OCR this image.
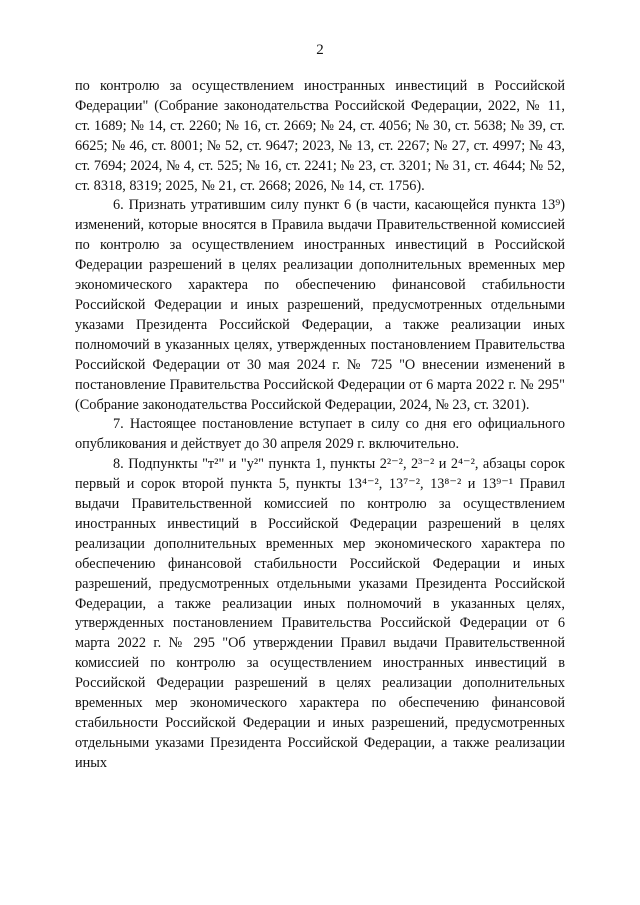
2

по контролю за осуществлением иностранных инвестиций в Российской Федерации" (Собрание законодательства Российской Федерации, 2022, № 11, ст. 1689; № 14, ст. 2260; № 16, ст. 2669; № 24, ст. 4056; № 30, ст. 5638; № 39, ст. 6625; № 46, ст. 8001; № 52, ст. 9647; 2023, № 13, ст. 2267; № 27, ст. 4997; № 43, ст. 7694; 2024, № 4, ст. 525; № 16, ст. 2241; № 23, ст. 3201; № 31, ст. 4644; № 52, ст. 8318, 8319; 2025, № 21, ст. 2668; 2026, № 14, ст. 1756).

6. Признать утратившим силу пункт 6 (в части, касающейся пункта 13⁹) изменений, которые вносятся в Правила выдачи Правительственной комиссией по контролю за осуществлением иностранных инвестиций в Российской Федерации разрешений в целях реализации дополнительных временных мер экономического характера по обеспечению финансовой стабильности Российской Федерации и иных разрешений, предусмотренных отдельными указами Президента Российской Федерации, а также реализации иных полномочий в указанных целях, утвержденных постановлением Правительства Российской Федерации от 30 мая 2024 г. № 725 "О внесении изменений в постановление Правительства Российской Федерации от 6 марта 2022 г. № 295" (Собрание законодательства Российской Федерации, 2024, № 23, ст. 3201).

7. Настоящее постановление вступает в силу со дня его официального опубликования и действует до 30 апреля 2029 г. включительно.

8. Подпункты "т²" и "у²" пункта 1, пункты 2²⁻², 2³⁻² и 2⁴⁻², абзацы сорок первый и сорок второй пункта 5, пункты 13⁴⁻², 13⁷⁻², 13⁸⁻² и 13⁹⁻¹ Правил выдачи Правительственной комиссией по контролю за осуществлением иностранных инвестиций в Российской Федерации разрешений в целях реализации дополнительных временных мер экономического характера по обеспечению финансовой стабильности Российской Федерации и иных разрешений, предусмотренных отдельными указами Президента Российской Федерации, а также реализации иных полномочий в указанных целях, утвержденных постановлением Правительства Российской Федерации от 6 марта 2022 г. № 295 "Об утверждении Правил выдачи Правительственной комиссией по контролю за осуществлением иностранных инвестиций в Российской Федерации разрешений в целях реализации дополнительных временных мер экономического характера по обеспечению финансовой стабильности Российской Федерации и иных разрешений, предусмотренных отдельными указами Президента Российской Федерации, а также реализации иных
